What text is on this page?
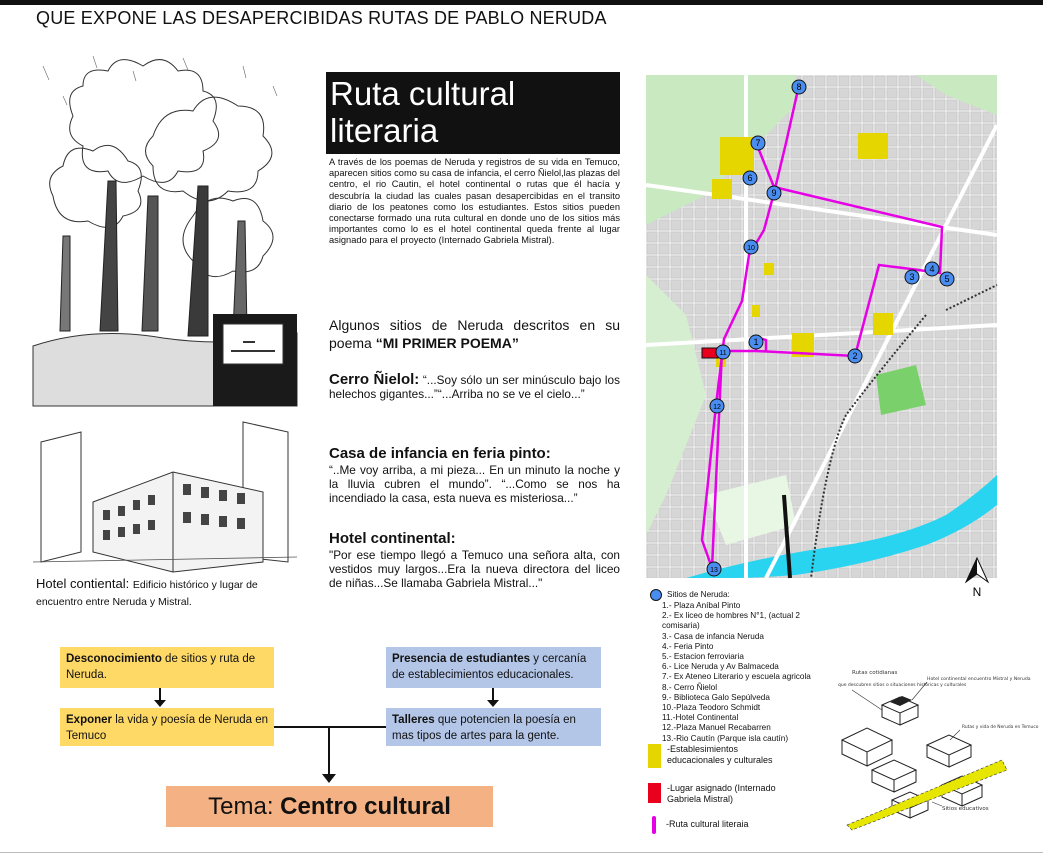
QUE EXPONE LAS DESAPERCIBIDAS RUTAS DE PABLO NERUDA
Hotel contiental: Edificio histórico y lugar de encuentro entre Neruda y Mistral.
Ruta cultural
literaria
A través de los poemas de Neruda y registros de su vida en Temuco, aparecen sitios como su casa de infancia, el cerro Ñielol,las plazas del centro, el rio Cautin, el hotel continental o rutas que él hacía y descubría la ciudad las cuales pasan desapercibidas en el transito diario de los peatones como los estudiantes. Estos sitios pueden conectarse formado una ruta cultural en donde uno de los sitios más importantes como lo es el hotel continental queda frente al lugar asignado para el proyecto (Internado Gabriela Mistral).

Algunos sitios de Neruda descritos en su poema “MI PRIMER POEMA”

Cerro Ñielol: “...Soy sólo un ser minúsculo bajo los helechos gigantes...”“...Arriba no se ve el cielo...”

Casa de infancia en feria pinto:

“..Me voy arriba, a mi pieza... En un minuto la noche y la lluvia cubren el mundo”. “...Como se nos ha incendiado la casa, esta nueva es misteriosa...”

Hotel continental:

"Por ese tiempo llegó a Temuco una señora alta, con vestidos muy largos...Era la nueva directora del liceo de niñas...Se llamaba Gabriela Mistral..."

1
2
3
4
5
6
7
8
9
10
11
12
13
N
Sitios de Neruda:
1.- Plaza Aníbal Pinto
2.- Ex liceo de hombres N°1, (actual 2 comisaria)
3.- Casa de infancia Neruda
4.- Feria Pinto
5.- Estacion ferroviaria
6.- Lice Neruda y Av Balmaceda
7.- Ex Ateneo Literario y escuela agricola
8.- Cerro Ñielol
9.- Biblioteca Galo Sepúlveda
10.-Plaza Teodoro Schmidt
11.-Hotel Continental
12.-Plaza Manuel Recabarren
13.-Rio Cautín (Parque isla cautín)
-Establesimientos educacionales y culturales
-Lugar asignado (Internado Gabriela Mistral)
-Ruta cultural literaia
Rutas cotidianas
que descubren sitios o situaciones históricas y culturales
Hotel continental encuentro Mistral y Neruda
Rutas y vida de Neruda en Temuco
Sitios educativos
Desconocimiento de sitios y ruta de Neruda.
Exponer la vida y poesía de Neruda en Temuco
Presencia de estudiantes y cercanía de establecimientos educacionales.
Talleres que potencien la poesía en mas tipos de artes para la gente.
Tema:
Centro cultural
